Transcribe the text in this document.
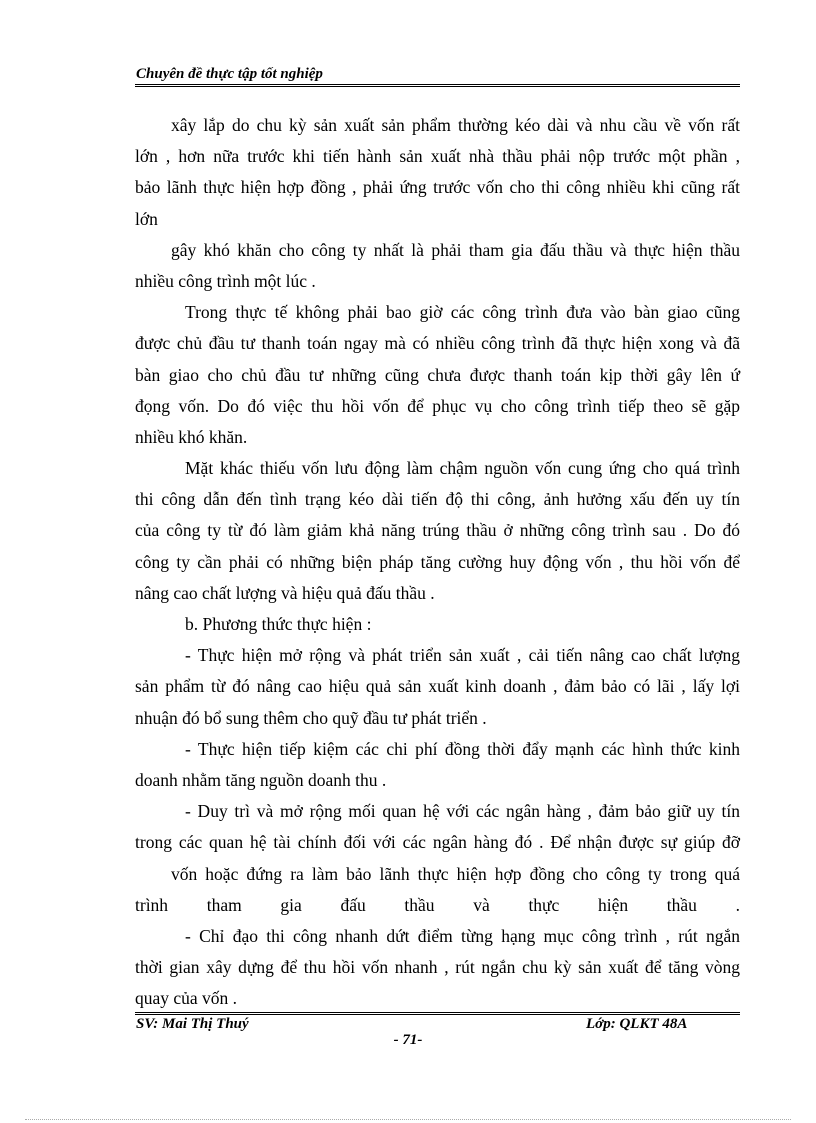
Chuyên đề thực tập tốt nghiệp
xây lắp do chu kỳ sản xuất sản phẩm thường kéo dài và nhu cầu về vốn rất
lớn , hơn nữa trước khi tiến hành sản xuất nhà thầu phải nộp trước một phần ,
bảo lãnh thực hiện hợp đồng , phải ứng trước vốn cho thi công nhiều khi cũng rất
lớn
gây khó khăn cho công ty nhất là phải tham gia đấu thầu và thực hiện thầu
nhiều công trình một lúc .
Trong thực tế không phải bao giờ các công trình đưa vào bàn giao cũng
được chủ đầu tư thanh toán ngay mà có nhiều công trình đã thực hiện xong và đã
bàn giao cho chủ đầu tư những cũng chưa được thanh toán kịp thời gây lên ứ
đọng vốn. Do đó việc thu hồi vốn để phục vụ cho công trình tiếp theo sẽ gặp
nhiều khó khăn.
Mặt khác thiếu vốn lưu động làm chậm nguồn vốn cung ứng cho quá trình
thi công dẫn đến tình trạng kéo dài tiến độ thi công, ảnh hưởng xấu đến uy tín
của công ty từ đó làm giảm khả năng trúng thầu ở những công trình sau . Do đó
công ty cần phải có những biện pháp tăng cường huy động vốn , thu hồi vốn để
nâng cao chất lượng và hiệu quả đấu thầu .
b. Phương thức thực hiện :
- Thực hiện mở rộng và phát triển sản xuất , cải tiến nâng cao chất lượng
sản phẩm từ đó nâng cao hiệu quả sản xuất kinh doanh , đảm bảo có lãi , lấy lợi
nhuận đó bổ sung thêm cho quỹ đầu tư phát triển .
- Thực hiện tiếp kiệm các chi phí đồng thời đẩy mạnh các hình thức kinh
doanh nhằm tăng nguồn doanh thu .
- Duy trì và mở rộng mối quan hệ với các ngân hàng , đảm bảo giữ uy tín
trong các quan hệ tài chính đối với các ngân hàng đó . Để nhận được sự giúp đỡ
vốn hoặc đứng ra làm bảo lãnh thực hiện hợp đồng cho công ty trong quá
trình tham gia đấu thầu và thực hiện thầu .
- Chỉ đạo thi công nhanh dứt điểm từng hạng mục công trình , rút ngắn
thời gian xây dựng để thu hồi vốn nhanh , rút ngắn chu kỳ sản xuất để tăng vòng
quay của vốn .
SV: Mai Thị Thuý	Lớp: QLKT 48A
- 71-
